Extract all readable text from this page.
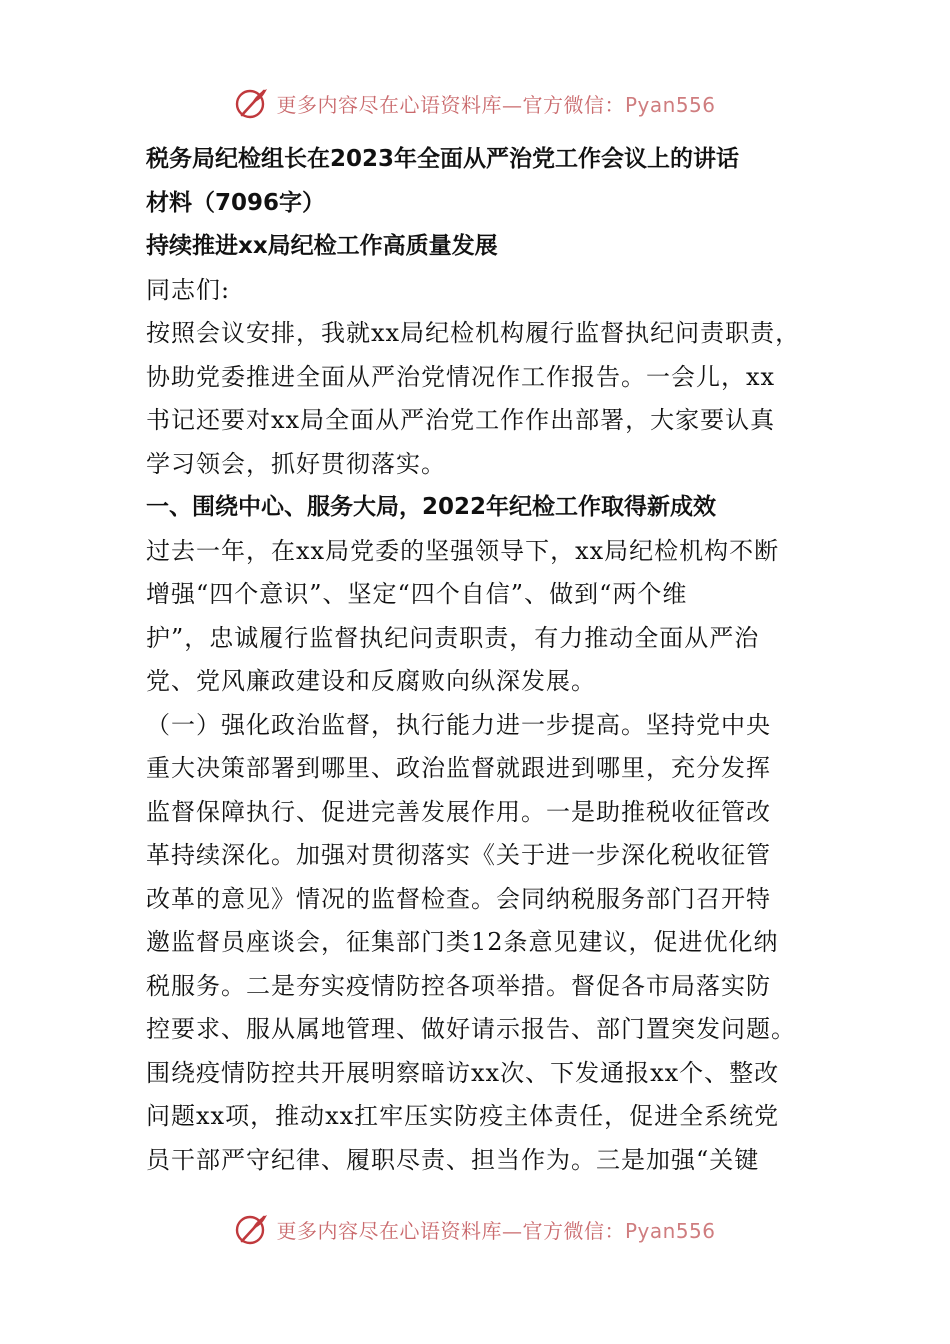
更多内容尽在心语资料库—官方微信：Pyan556
税务局纪检组长在2023年全面从严治党工作会议上的讲话
材料（7096字）
持续推进xx局纪检工作高质量发展
同志们:
按照会议安排，我就xx局纪检机构履行监督执纪问责职责，
协助党委推进全面从严治党情况作工作报告。一会儿，xx
书记还要对xx局全面从严治党工作作出部署，大家要认真
学习领会，抓好贯彻落实。
一、围绕中心、服务大局，2022年纪检工作取得新成效
过去一年，在xx局党委的坚强领导下，xx局纪检机构不断
增强“四个意识”、坚定“四个自信”、做到“两个维
护”，忠诚履行监督执纪问责职责，有力推动全面从严治
党、党风廉政建设和反腐败向纵深发展。
（一）强化政治监督，执行能力进一步提高。坚持党中央
重大决策部署到哪里、政治监督就跟进到哪里，充分发挥
监督保障执行、促进完善发展作用。一是助推税收征管改
革持续深化。加强对贯彻落实《关于进一步深化税收征管
改革的意见》情况的监督检查。会同纳税服务部门召开特
邀监督员座谈会，征集部门类12条意见建议，促进优化纳
税服务。二是夯实疫情防控各项举措。督促各市局落实防
控要求、服从属地管理、做好请示报告、部门置突发问题。
围绕疫情防控共开展明察暗访xx次、下发通报xx个、整改
问题xx项，推动xx扛牢压实防疫主体责任，促进全系统党
员干部严守纪律、履职尽责、担当作为。三是加强“关键
更多内容尽在心语资料库—官方微信：Pyan556
